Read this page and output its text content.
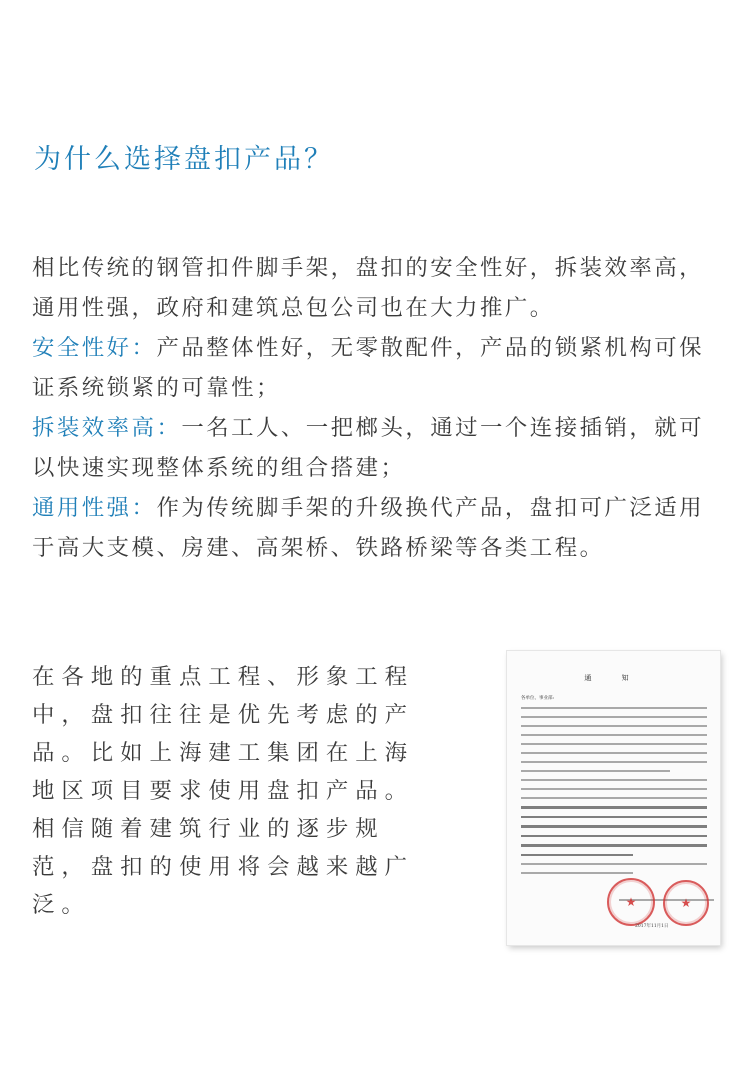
为什么选择盘扣产品？

相比传统的钢管扣件脚手架，盘扣的安全性好，拆装效率高，通用性强，政府和建筑总包公司也在大力推广。

安全性好：产品整体性好，无零散配件，产品的锁紧机构可保证系统锁紧的可靠性；

拆装效率高：一名工人、一把榔头，通过一个连接插销，就可以快速实现整体系统的组合搭建；

通用性强：作为传统脚手架的升级换代产品，盘扣可广泛适用于高大支模、房建、高架桥、铁路桥梁等各类工程。

在各地的重点工程、形象工程中，盘扣往往是优先考虑的产品。比如上海建工集团在上海地区项目要求使用盘扣产品。相信随着建筑行业的逐步规范，盘扣的使用将会越来越广泛。
通 知
各单位、事业部:
★	★
2017年11月1日
